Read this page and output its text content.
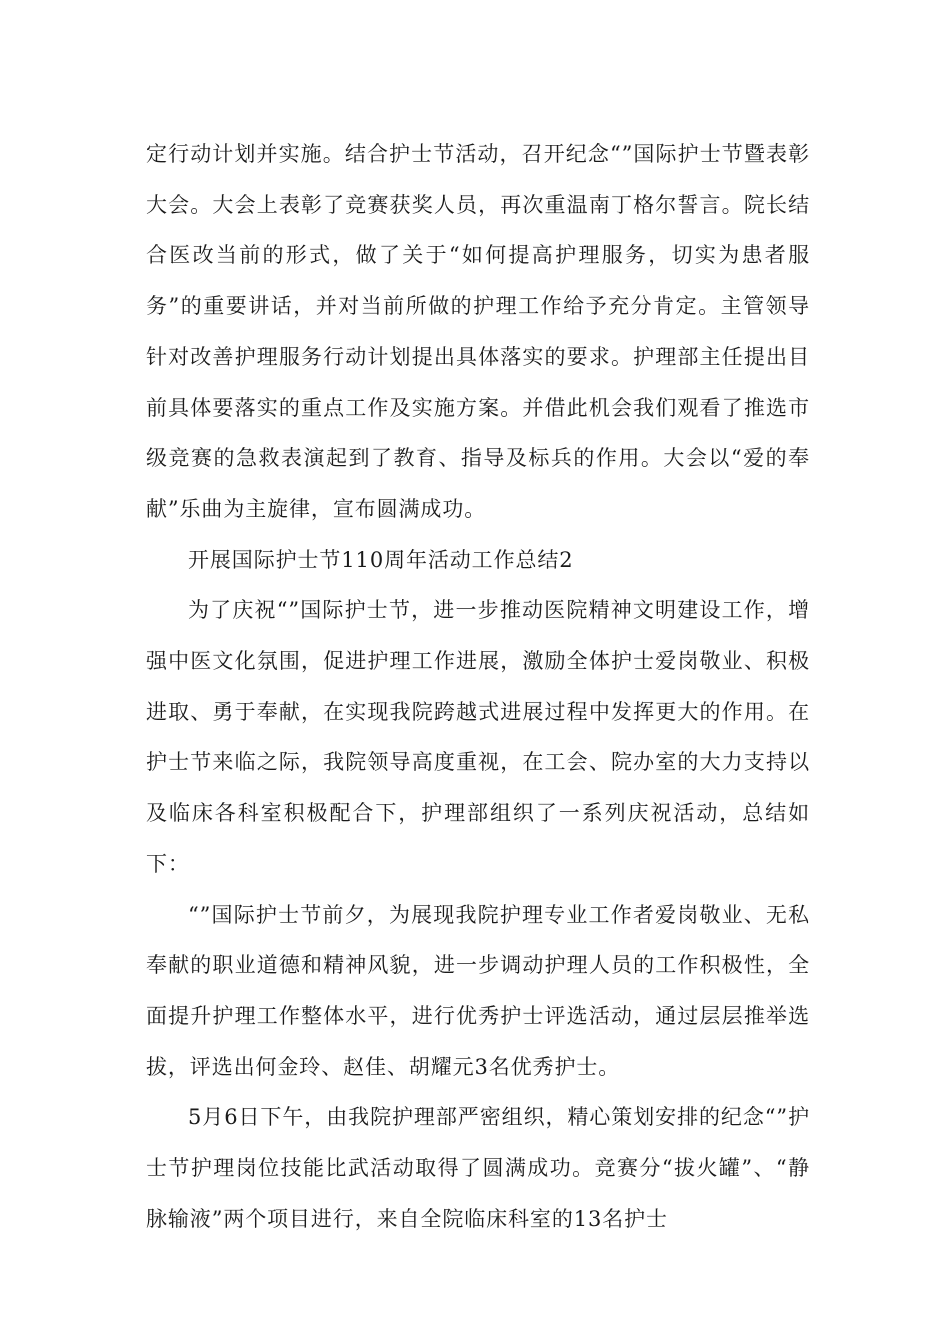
定行动计划并实施。结合护士节活动，召开纪念“”国际护士节暨表彰大会。大会上表彰了竞赛获奖人员，再次重温南丁格尔誓言。院长结合医改当前的形式，做了关于“如何提高护理服务，切实为患者服务”的重要讲话，并对当前所做的护理工作给予充分肯定。主管领导针对改善护理服务行动计划提出具体落实的要求。护理部主任提出目前具体要落实的重点工作及实施方案。并借此机会我们观看了推选市级竞赛的急救表演起到了教育、指导及标兵的作用。大会以“爱的奉献”乐曲为主旋律，宣布圆满成功。

开展国际护士节110周年活动工作总结2

为了庆祝“”国际护士节，进一步推动医院精神文明建设工作，增强中医文化氛围，促进护理工作进展，激励全体护士爱岗敬业、积极进取、勇于奉献，在实现我院跨越式进展过程中发挥更大的作用。在护士节来临之际，我院领导高度重视，在工会、院办室的大力支持以及临床各科室积极配合下，护理部组织了一系列庆祝活动，总结如下：

“”国际护士节前夕，为展现我院护理专业工作者爱岗敬业、无私奉献的职业道德和精神风貌，进一步调动护理人员的工作积极性，全面提升护理工作整体水平，进行优秀护士评选活动，通过层层推举选拔，评选出何金玲、赵佳、胡耀元3名优秀护士。

5月6日下午，由我院护理部严密组织，精心策划安排的纪念“”护士节护理岗位技能比武活动取得了圆满成功。竞赛分“拔火罐”、“静脉输液”两个项目进行，来自全院临床科室的13名护士
